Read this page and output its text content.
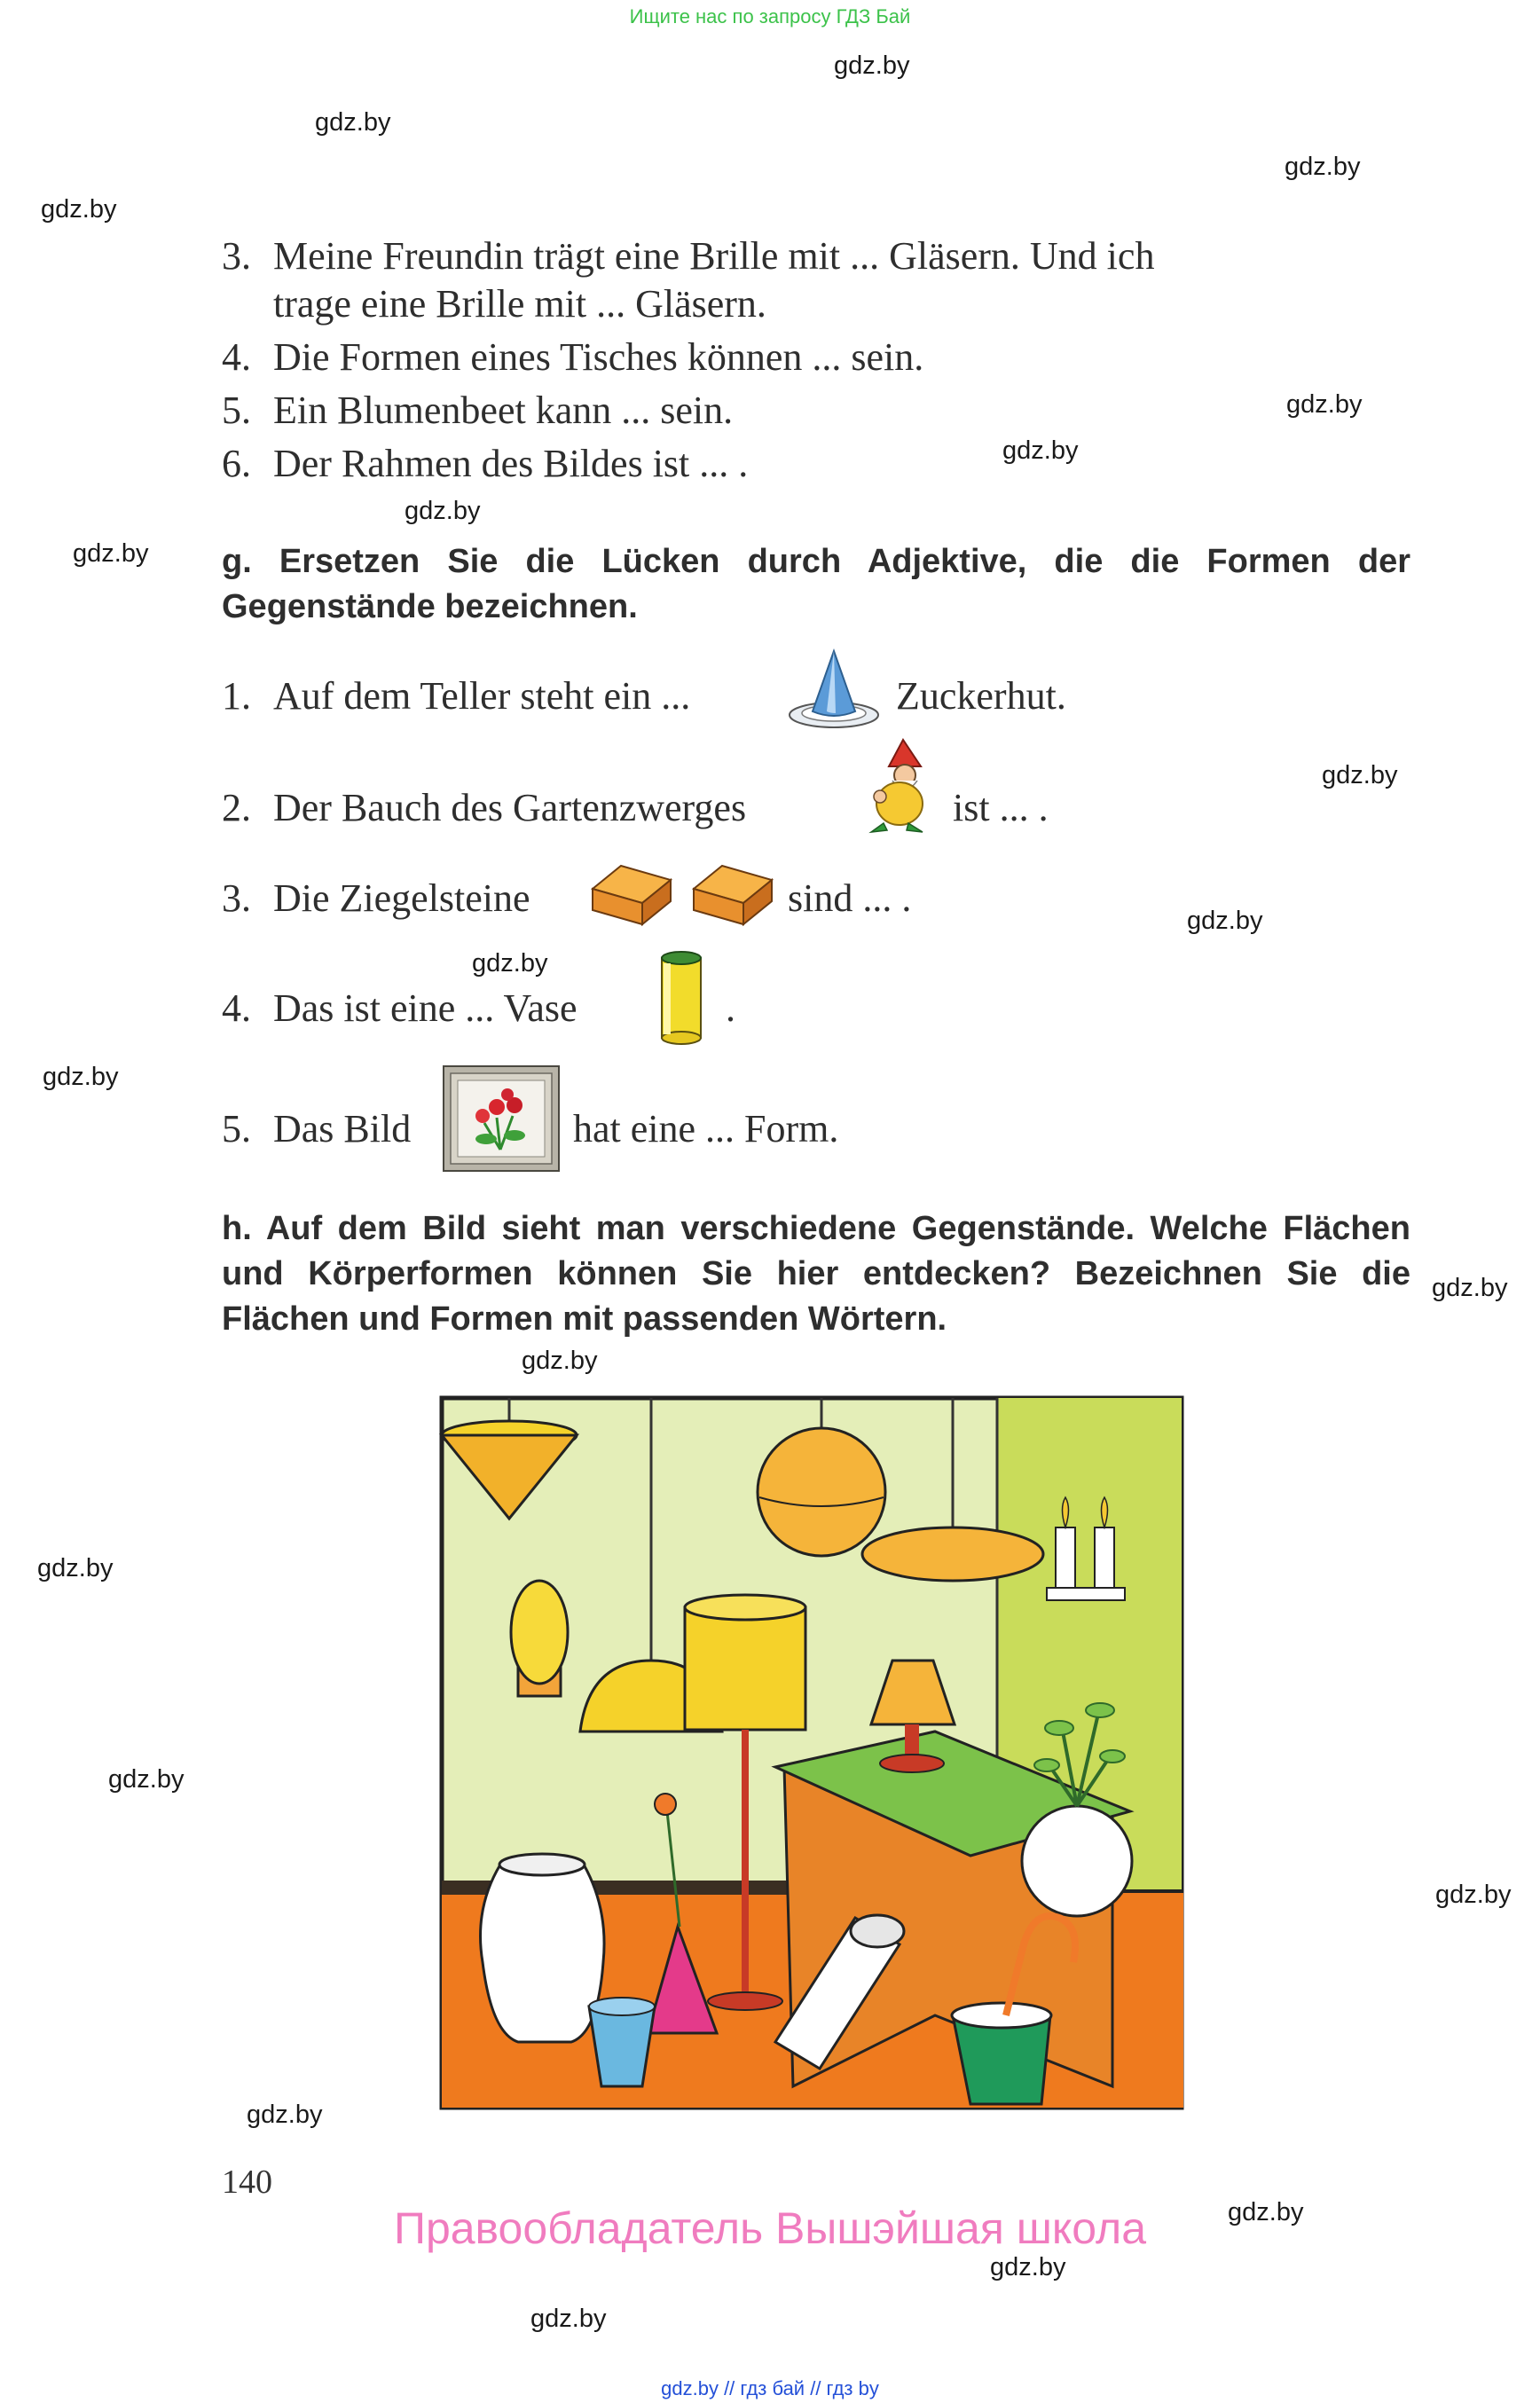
Ищите нас по запросу ГДЗ Бай
gdz.by
gdz.by
gdz.by
gdz.by
gdz.by
gdz.by
gdz.by
gdz.by
gdz.by
gdz.by
gdz.by
gdz.by
gdz.by
gdz.by
gdz.by
gdz.by
gdz.by
gdz.by
gdz.by
gdz.by
gdz.by
3. Meine Freundin trägt eine Brille mit ... Gläsern. Und ich
trage eine Brille mit ... Gläsern.
4. Die Formen eines Tisches können ... sein.
5. Ein Blumenbeet kann ... sein.
6. Der Rahmen des Bildes ist ... .
g. Ersetzen Sie die Lücken durch Adjektive, die die Formen der Gegenstände bezeichnen.
1. Auf dem Teller steht ein ...	Zuckerhut.
2. Der Bauch des Gartenzwerges	ist ... .
3. Die Ziegelsteine	sind ... .
4. Das ist eine ... Vase	.
5. Das Bild	hat eine ... Form.
h. Auf dem Bild sieht man verschiedene Gegenstände. Welche Flächen und Körperformen können Sie hier entdecken? Bezeichnen Sie die Flächen und Formen mit passenden Wörtern.
140
Правообладатель Вышэйшая школа
gdz.by // гдз бай // гдз by
